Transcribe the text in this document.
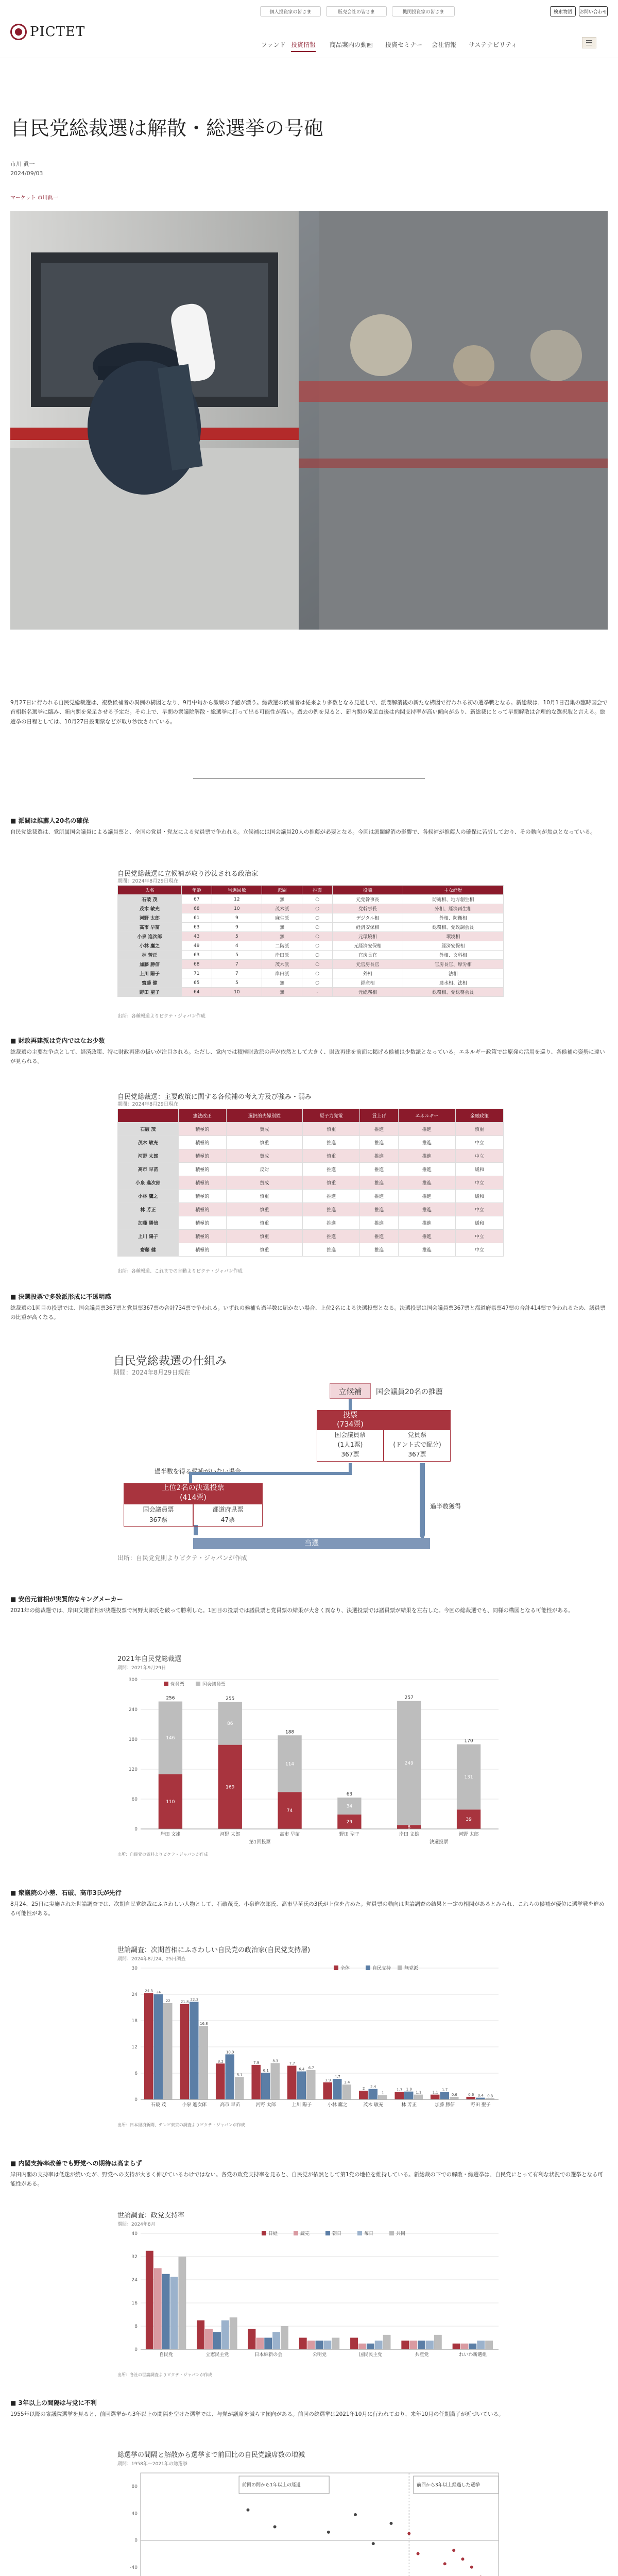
個人投資家の皆さま	販売会社の皆さま	機関投資家の皆さま	検索物語	お問い合わせ
PICTET
ファンド 投資情報 商品案内の動画 投資セミナー 会社情報 サステナビリティ
自民党総裁選は解散・総選挙の号砲
市川 眞一
2024/09/03
マーケット 市川眞一

9月27日に行われる自民党総裁選は、複数候補者の異例の構図となり、9月中旬から激戦の予感が漂う。総裁選の候補者は従来より多数となる見通しで、派閥解消後の新たな構図で行われる初の選挙戦となる。新総裁は、10月1日召集の臨時国会で首相指名選挙に臨み、新内閣を発足させる予定だ。その上で、早期の衆議院解散・総選挙に打って出る可能性が高い。過去の例を見ると、新内閣の発足直後は内閣支持率が高い傾向があり、新総裁にとって早期解散は合理的な選択肢と言える。総選挙の日程としては、10月27日投開票などが取り沙汰されている。

■ 派閥は推薦人20名の確保

自民党総裁選は、党所属国会議員による議員票と、全国の党員・党友による党員票で争われる。立候補には国会議員20人の推薦が必要となる。今回は派閥解消の影響で、各候補が推薦人の確保に苦労しており、その動向が焦点となっている。

自民党総裁選に立候補が取り沙汰される政治家
期間：2024年8月29日現在
氏名	年齢	当選回数	派閥	推薦	役職	主な経歴
石破 茂	67	12	無	○	元党幹事長	防衛相、地方創生相
茂木 敏充	68	10	茂木派	○	党幹事長	外相、経済再生相
河野 太郎	61	9	麻生派	○	デジタル相	外相、防衛相
高市 早苗	63	9	無	○	経済安保相	総務相、党政調会長
小泉 進次郎	43	5	無	○	元環境相	環境相
小林 鷹之	49	4	二階派	○	元経済安保相	経済安保相
林 芳正	63	5	岸田派	○	官房長官	外相、文科相
加藤 勝信	68	7	茂木派	○	元官房長官	官房長官、厚労相
上川 陽子	71	7	岸田派	○	外相	法相
齋藤 健	65	5	無	○	経産相	農水相、法相
野田 聖子	64	10	無	-	元総務相	総務相、党総務会長
出所：各種報道よりピクテ・ジャパン作成
■ 財政再建派は党内ではなお少数

総裁選の主要な争点として、経済政策、特に財政再建の扱いが注目される。ただし、党内では積極財政派の声が依然として大きく、財政再建を前面に掲げる候補は少数派となっている。エネルギー政策では原発の活用を巡り、各候補の姿勢に違いが見られる。

自民党総裁選：主要政策に関する各候補の考え方及び強み・弱み
期間：2024年8月29日現在
	憲法改正	選択的夫婦別姓	原子力発電	賃上げ	エネルギー	金融政策
石破 茂	積極的	賛成	慎重	推進	推進	慎重
茂木 敏充	積極的	慎重	推進	推進	推進	中立
河野 太郎	積極的	賛成	慎重	推進	推進	中立
高市 早苗	積極的	反対	推進	推進	推進	緩和
小泉 進次郎	積極的	賛成	慎重	推進	推進	中立
小林 鷹之	積極的	慎重	推進	推進	推進	緩和
林 芳正	積極的	慎重	推進	推進	推進	中立
加藤 勝信	積極的	慎重	推進	推進	推進	緩和
上川 陽子	積極的	慎重	推進	推進	推進	中立
齋藤 健	積極的	慎重	推進	推進	推進	中立
出所：各種報道、これまでの言動よりピクテ・ジャパン作成
■ 決選投票で多数派形成に不透明感

総裁選の1回目の投票では、国会議員票367票と党員票367票の合計734票で争われる。いずれの候補も過半数に届かない場合、上位2名による決選投票となる。決選投票は国会議員票367票と都道府県票47票の合計414票で争われるため、議員票の比重が高くなる。

自民党総裁選の仕組み
期間：2024年8月29日現在
立候補	国会議員20名の推薦
投票
(734票)
国会議員票
(1人1票)
367票
党員票
(ドント式で配分)
367票
過半数を得る候補がいない場合
上位2名の決選投票
(414票)
国会議員票
367票
都道府県票
47票
過半数獲得
当選
出所：自民党党則よりピクテ・ジャパンが作成
■ 安倍元首相が実質的なキングメーカー

2021年の総裁選では、岸田文雄首相が決選投票で河野太郎氏を破って勝利した。1回目の投票では議員票と党員票の結果が大きく異なり、決選投票では議員票が結果を左右した。今回の総裁選でも、同様の構図となる可能性がある。

2021年自民党総裁選
期間：2021年9月29日
0
60
120
180
240
300
110
146
256
岸田 文雄
169
86
255
河野 太郎
74
114
188
高市 早苗
29
34
63
野田 聖子
8
249
257
岸田 文雄
39
131
170
河野 太郎
第1回投票	決選投票
党員票	国会議員票
出所：自民党の資料よりピクテ・ジャパンが作成
■ 衆議院の小差、石破、高市3氏が先行

8月24、25日に実施された世論調査では、次期自民党総裁にふさわしい人物として、石破茂氏、小泉進次郎氏、高市早苗氏の3氏が上位を占めた。党員票の動向は世論調査の結果と一定の相関があるとみられ、これらの候補が優位に選挙戦を進める可能性がある。

世論調査：次期首相にふさわしい自民党の政治家(自民党支持層)
期間：2024年8月24、25日調査
0
6
12
18
24
30
24.3 24
22
石破 茂
21.8
22.3
16.8
小泉 進次郎
8.2
10.3
5.1
高市 早苗
7.9
6.1
8.3
河野 太郎
7.7
6.4 6.7
上川 陽子
3.9
4.7
3.4
小林 鷹之
2 2.4
1
茂木 敏充
1.7 1.8
1.1
林 芳正
1.1
1.7
0.6
加藤 勝信
0.6 0.4 0.3
野田 聖子
全体	自民支持	無党派
出所：日本経済新聞、テレビ東京の調査よりピクテ・ジャパンが作成
■ 内閣支持率改善でも野党への期待は高まらず

岸田内閣の支持率は低迷が続いたが、野党への支持が大きく伸びているわけではない。各党の政党支持率を見ると、自民党が依然として第1党の地位を維持している。新総裁の下での解散・総選挙は、自民党にとって有利な状況での選挙となる可能性がある。

世論調査：政党支持率
期間：2024年8月
0
8
16
24
32
40
自民党	立憲民主党	日本維新の会	公明党	国民民主党	共産党	れいわ新選組
日経	読売	朝日	毎日	共同
出所：各社の世論調査よりピクテ・ジャパンが作成
■ 3年以上の間隔は与党に不利

1955年以降の衆議院選挙を見ると、前回選挙から3年以上の間隔を空けた選挙では、与党が議席を減らす傾向がある。前回の総選挙は2021年10月に行われており、来年10月の任期満了が近づいている。

総選挙の間隔と解散から選挙まで前回比の自民党議席数の増減
期間：1958年〜2021年の総選挙
-40
0
40
80	前回の間から1年以上の経過	前回から3年以上経過した選挙
